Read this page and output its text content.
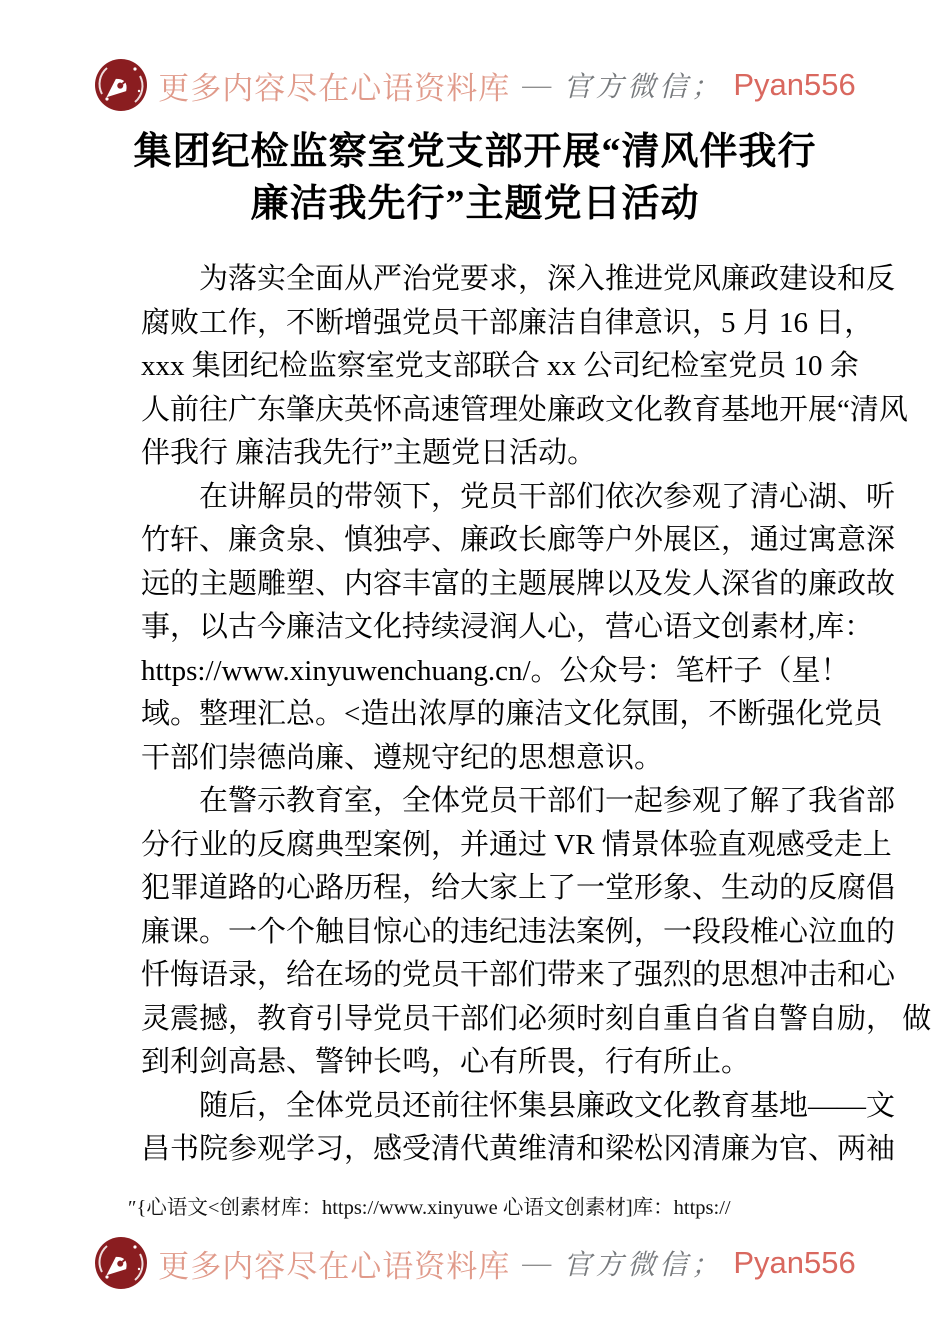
更多内容尽在心语资料库 — 官方微信； Pyan556
集团纪检监察室党支部开展“清风伴我行
廉洁我先行”主题党日活动
为落实全面从严治党要求，深入推进党风廉政建设和反
腐败工作，不断增强党员干部廉洁自律意识，5 月 16 日，
xxx 集团纪检监察室党支部联合 xx 公司纪检室党员 10 余
人前往广东肇庆英怀高速管理处廉政文化教育基地开展“清风
伴我行 廉洁我先行”主题党日活动。
在讲解员的带领下，党员干部们依次参观了清心湖、听
竹轩、廉贪泉、慎独亭、廉政长廊等户外展区，通过寓意深
远的主题雕塑、内容丰富的主题展牌以及发人深省的廉政故
事，以古今廉洁文化持续浸润人心，营心语文创素材,库：
https://www.xinyuwenchuang.cn/。公众号：笔杆子（星！
域。整理汇总。<造出浓厚的廉洁文化氛围，不断强化党员
干部们崇德尚廉、遵规守纪的思想意识。
在警示教育室，全体党员干部们一起参观了解了我省部
分行业的反腐典型案例，并通过 VR 情景体验直观感受走上
犯罪道路的心路历程，给大家上了一堂形象、生动的反腐倡
廉课。一个个触目惊心的违纪违法案例，一段段椎心泣血的
忏悔语录，给在场的党员干部们带来了强烈的思想冲击和心
灵震撼，教育引导党员干部们必须时刻自重自省自警自励， 做
到利剑高悬、警钟长鸣，心有所畏，行有所止。
随后，全体党员还前往怀集县廉政文化教育基地——文
昌书院参观学习，感受清代黄维清和梁松冈清廉为官、两袖
″{心语文<创素材库：https://www.xinyuwe 心语文创素材]库：https://
更多内容尽在心语资料库 — 官方微信； Pyan556
